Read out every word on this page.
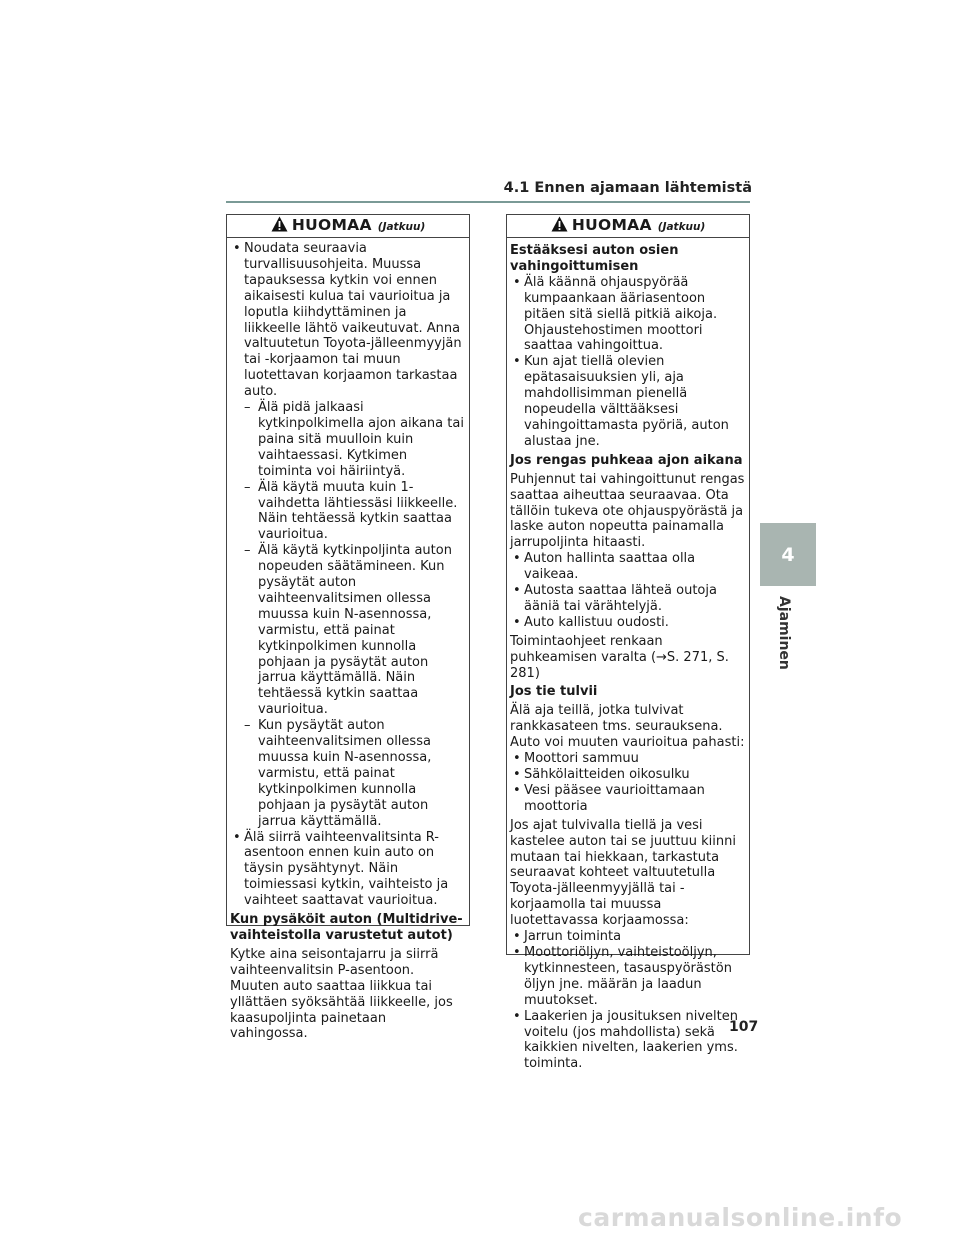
4.1 Ennen ajamaan lähtemistä
HUOMAA (Jatkuu)
• Noudata seuraavia turvallisuusohjeita. Muussa tapauksessa kytkin voi ennen aikaisesti kulua tai vaurioitua ja loputla kiihdyttäminen ja liikkeelle lähtö vaikeutuvat. Anna valtuutetun Toyota-jälleenmyyjän tai -korjaamon tai muun luotettavan korjaamon tarkastaa auto.
– Älä pidä jalkaasi kytkinpolkimella ajon aikana tai paina sitä muulloin kuin vaihtaessasi. Kytkimen toiminta voi häiriintyä.
– Älä käytä muuta kuin 1-vaihdetta lähtiessäsi liikkeelle. Näin tehtäessä kytkin saattaa vaurioitua.
– Älä käytä kytkinpoljinta auton nopeuden säätämineen. Kun pysäytät auton vaihteenvalitsimen ollessa muussa kuin N-asennossa, varmistu, että painat kytkinpolkimen kunnolla pohjaan ja pysäytät auton jarrua käyttämällä. Näin tehtäessä kytkin saattaa vaurioitua.
– Kun pysäytät auton vaihteenvalitsimen ollessa muussa kuin N-asennossa, varmistu, että painat kytkinpolkimen kunnolla pohjaan ja pysäytät auton jarrua käyttämällä.
• Älä siirrä vaihteenvalitsinta R-asentoon ennen kuin auto on täysin pysähtynyt. Näin toimiessasi kytkin, vaihteisto ja vaihteet saattavat vaurioitua.
Kun pysäköit auton (Multidrive-vaihteistolla varustetut autot)
Kytke aina seisontajarru ja siirrä vaihteenvalitsin P-asentoon. Muuten auto saattaa liikkua tai yllättäen syöksähtää liikkeelle, jos kaasupoljinta painetaan vahingossa.
HUOMAA (Jatkuu)
Estääksesi auton osien vahingoittumisen
• Älä käännä ohjauspyörää kumpaankaan ääriasentoon pitäen sitä siellä pitkiä aikoja. Ohjaustehostimen moottori saattaa vahingoittua.
• Kun ajat tiellä olevien epätasaisuuksien yli, aja mahdollisimman pienellä nopeudella välttääksesi vahingoittamasta pyöriä, auton alustaa jne.
Jos rengas puhkeaa ajon aikana
Puhjennut tai vahingoittunut rengas saattaa aiheuttaa seuraavaa. Ota tällöin tukeva ote ohjauspyörästä ja laske auton nopeutta painamalla jarrupoljinta hitaasti.
• Auton hallinta saattaa olla vaikeaa.
• Autosta saattaa lähteä outoja ääniä tai värähtelyjä.
• Auto kallistuu oudosti.
Toimintaohjeet renkaan puhkeamisen varalta (→S. 271, S. 281)
Jos tie tulvii
Älä aja teillä, jotka tulvivat rankkasateen tms. seurauksena. Auto voi muuten vaurioitua pahasti:
• Moottori sammuu
• Sähkölaitteiden oikosulku
• Vesi pääsee vaurioittamaan moottoria
Jos ajat tulvivalla tiellä ja vesi kastelee auton tai se juuttuu kiinni mutaan tai hiekkaan, tarkastuta seuraavat kohteet valtuutetulla Toyota-jälleenmyyjällä tai -korjaamolla tai muussa luotettavassa korjaamossa:
• Jarrun toiminta
• Moottoriöljyn, vaihteistoöljyn, kytkinnesteen, tasauspyörästön öljyn jne. määrän ja laadun muutokset.
• Laakerien ja jousituksen nivelten voitelu (jos mahdollista) sekä kaikkien nivelten, laakerien yms. toiminta.
4
Ajaminen
107
carmanualsonline.info
